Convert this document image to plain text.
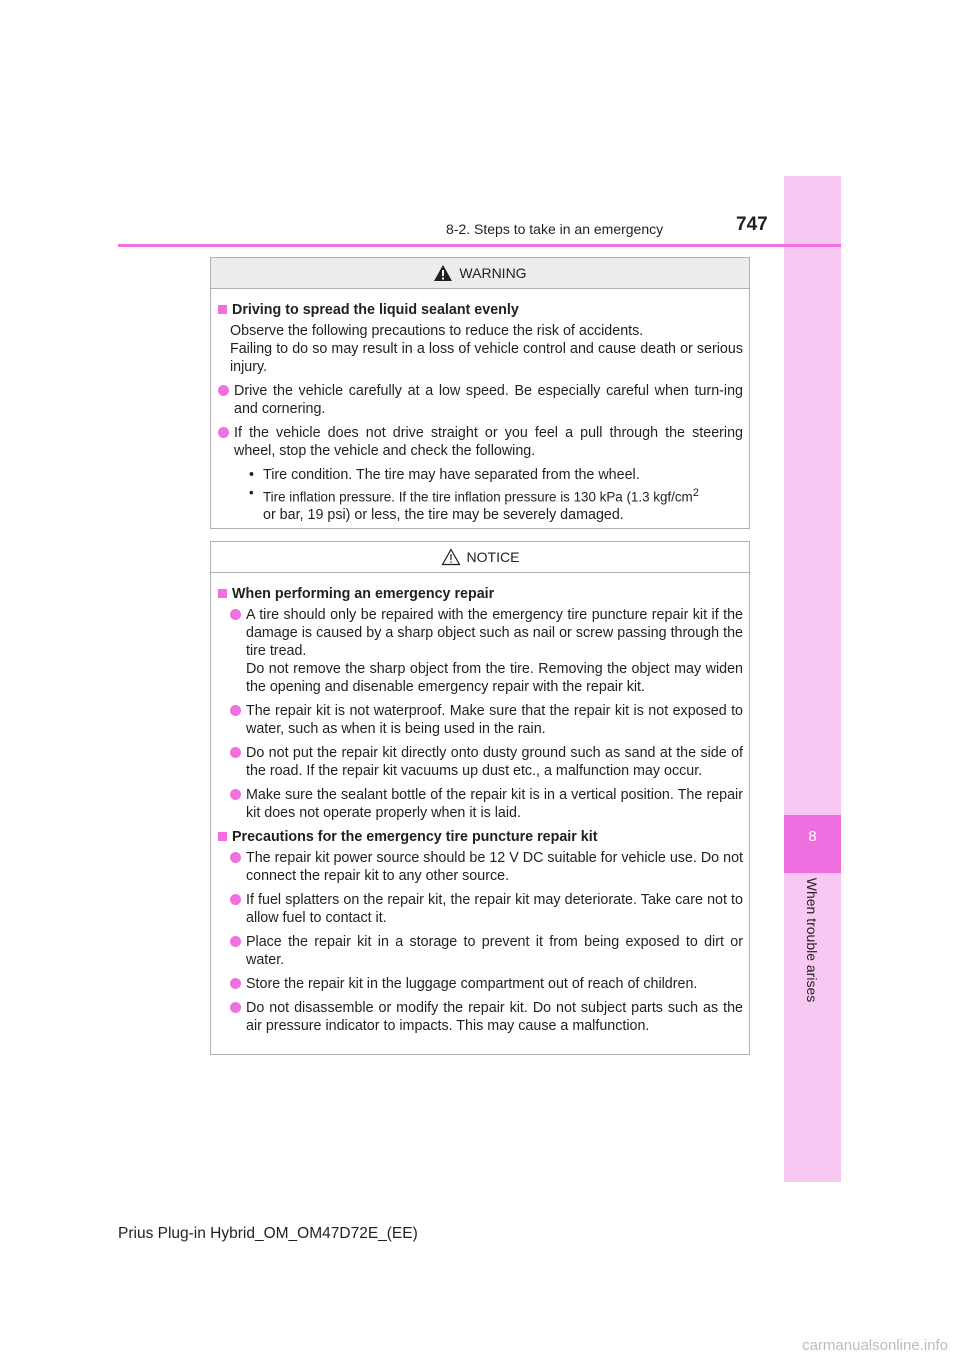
8
When trouble arises
8-2. Steps to take in an emergency	747
WARNING
Driving to spread the liquid sealant evenly
Observe the following precautions to reduce the risk of accidents.
Failing to do so may result in a loss of vehicle control and cause death or serious injury.
Drive the vehicle carefully at a low speed. Be especially careful when turn-ing and cornering.
If the vehicle does not drive straight or you feel a pull through the steering wheel, stop the vehicle and check the following.
• Tire condition. The tire may have separated from the wheel.
• Tire inflation pressure. If the tire inflation pressure is 130 kPa (1.3 kgf/$cm^2$
or bar, 19 psi) or less, the tire may be severely damaged.
NOTICE
When performing an emergency repair
A tire should only be repaired with the emergency tire puncture repair kit if the damage is caused by a sharp object such as nail or screw passing through the tire tread.
Do not remove the sharp object from the tire. Removing the object may widen the opening and disenable emergency repair with the repair kit.
The repair kit is not waterproof. Make sure that the repair kit is not exposed to water, such as when it is being used in the rain.
Do not put the repair kit directly onto dusty ground such as sand at the side of the road. If the repair kit vacuums up dust etc., a malfunction may occur.
Make sure the sealant bottle of the repair kit is in a vertical position. The repair kit does not operate properly when it is laid.
Precautions for the emergency tire puncture repair kit
The repair kit power source should be 12 V DC suitable for vehicle use. Do not connect the repair kit to any other source.
If fuel splatters on the repair kit, the repair kit may deteriorate. Take care not to allow fuel to contact it.
Place the repair kit in a storage to prevent it from being exposed to dirt or water.
Store the repair kit in the luggage compartment out of reach of children.
Do not disassemble or modify the repair kit. Do not subject parts such as the air pressure indicator to impacts. This may cause a malfunction.
Prius Plug-in Hybrid_OM_OM47D72E_(EE)
carmanualsonline.info
